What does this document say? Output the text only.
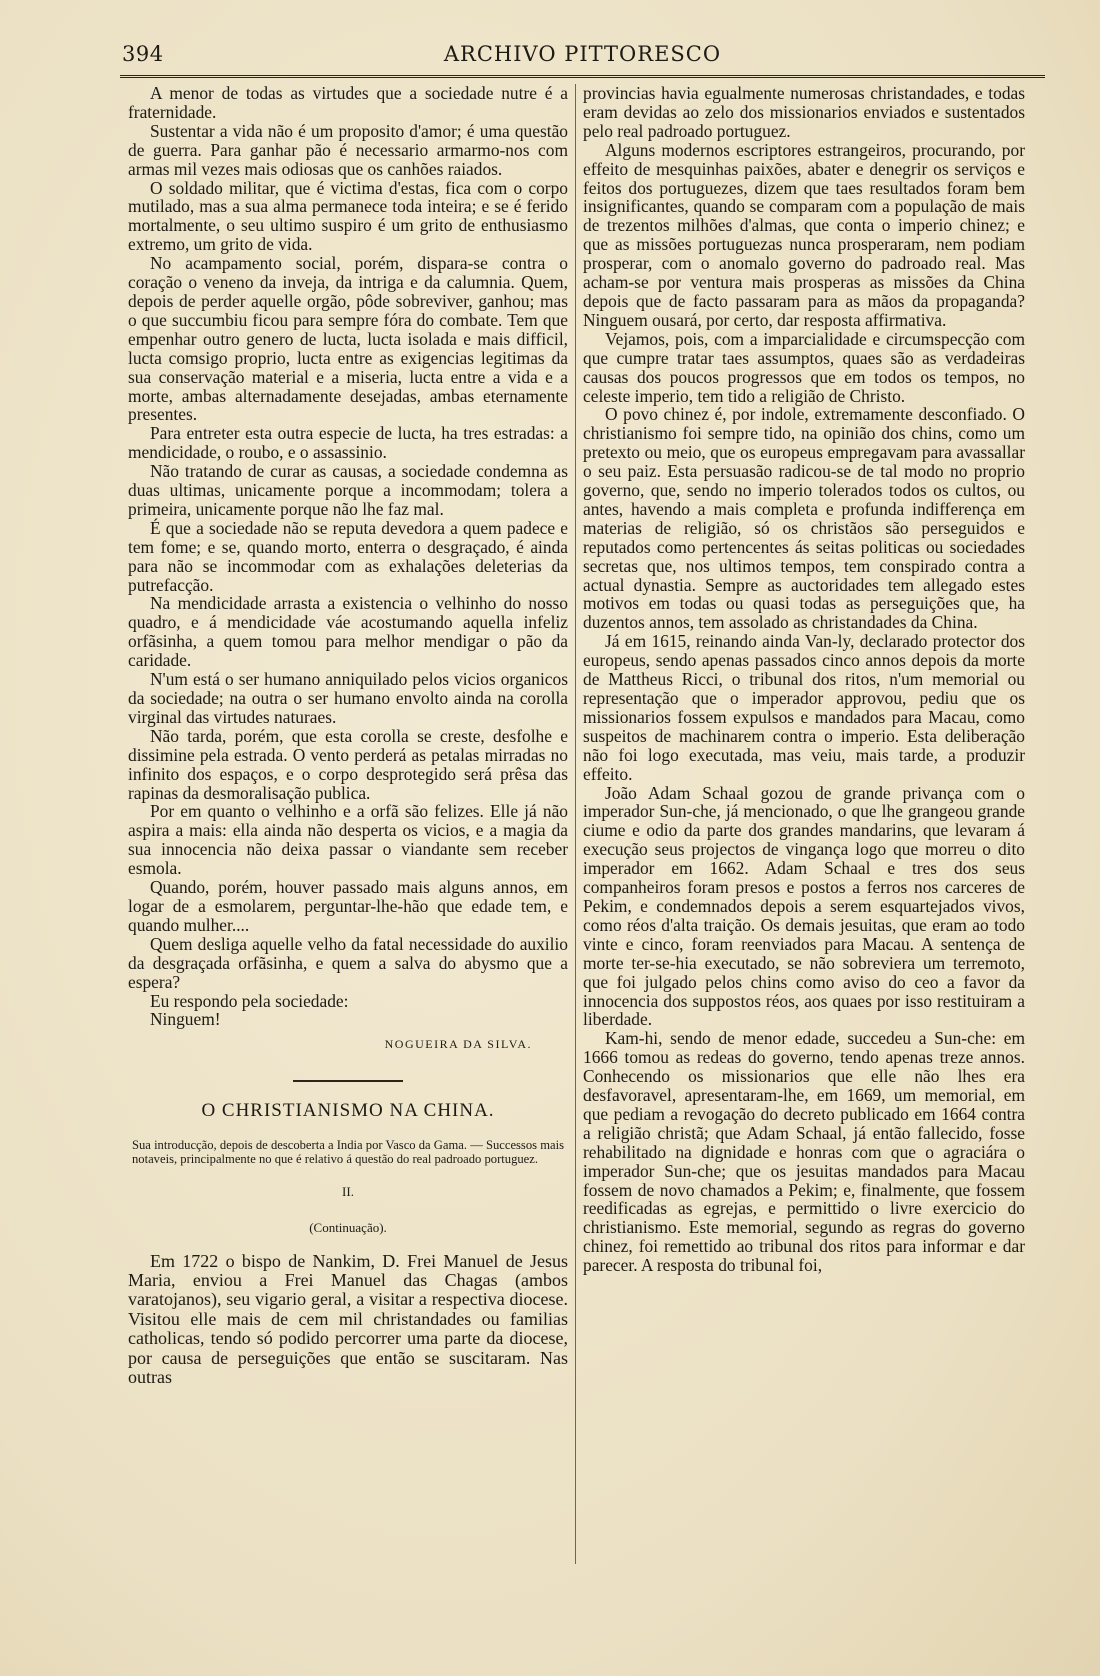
394	ARCHIVO PITTORESCO

A menor de todas as virtudes que a sociedade nutre é a fraternidade.

Sustentar a vida não é um proposito d'amor; é uma questão de guerra. Para ganhar pão é necessario armarmo-nos com armas mil vezes mais odiosas que os canhões raiados.

O soldado militar, que é victima d'estas, fica com o corpo mutilado, mas a sua alma permanece toda inteira; e se é ferido mortalmente, o seu ultimo suspiro é um grito de enthusiasmo extremo, um grito de vida.

No acampamento social, porém, dispara-se contra o coração o veneno da inveja, da intriga e da calumnia. Quem, depois de perder aquelle orgão, pôde sobreviver, ganhou; mas o que succumbiu ficou para sempre fóra do combate. Tem que empenhar outro genero de lucta, lucta isolada e mais difficil, lucta comsigo proprio, lucta entre as exigencias legitimas da sua conservação material e a miseria, lucta entre a vida e a morte, ambas alternadamente desejadas, ambas eternamente presentes.

Para entreter esta outra especie de lucta, ha tres estradas: a mendicidade, o roubo, e o assassinio.

Não tratando de curar as causas, a sociedade condemna as duas ultimas, unicamente porque a incommodam; tolera a primeira, unicamente porque não lhe faz mal.

É que a sociedade não se reputa devedora a quem padece e tem fome; e se, quando morto, enterra o desgraçado, é ainda para não se incommodar com as exhalações deleterias da putrefacção.

Na mendicidade arrasta a existencia o velhinho do nosso quadro, e á mendicidade váe acostumando aquella infeliz orfãsinha, a quem tomou para melhor mendigar o pão da caridade.

N'um está o ser humano anniquilado pelos vicios organicos da sociedade; na outra o ser humano envolto ainda na corolla virginal das virtudes naturaes.

Não tarda, porém, que esta corolla se creste, desfolhe e dissimine pela estrada. O vento perderá as petalas mirradas no infinito dos espaços, e o corpo desprotegido será prêsa das rapinas da desmoralisação publica.

Por em quanto o velhinho e a orfã são felizes. Elle já não aspira a mais: ella ainda não desperta os vicios, e a magia da sua innocencia não deixa passar o viandante sem receber esmola.

Quando, porém, houver passado mais alguns annos, em logar de a esmolarem, perguntar-lhe-hão que edade tem, e quando mulher....

Quem desliga aquelle velho da fatal necessidade do auxilio da desgraçada orfãsinha, e quem a salva do abysmo que a espera?

Eu respondo pela sociedade:

Ninguem!

NOGUEIRA DA SILVA.

O CHRISTIANISMO NA CHINA.

Sua introducção, depois de descoberta a India por Vasco da Gama. — Successos mais notaveis, principalmente no que é relativo á questão do real padroado portuguez.

II.

(Continuação).

Em 1722 o bispo de Nankim, D. Frei Manuel de Jesus Maria, enviou a Frei Manuel das Chagas (ambos varatojanos), seu vigario geral, a visitar a respectiva diocese. Visitou elle mais de cem mil christandades ou familias catholicas, tendo só podido percorrer uma parte da diocese, por causa de perseguições que então se suscitaram. Nas outras

provincias havia egualmente numerosas christandades, e todas eram devidas ao zelo dos missionarios enviados e sustentados pelo real padroado portuguez.

Alguns modernos escriptores estrangeiros, procurando, por effeito de mesquinhas paixões, abater e denegrir os serviços e feitos dos portuguezes, dizem que taes resultados foram bem insignificantes, quando se comparam com a população de mais de trezentos milhões d'almas, que conta o imperio chinez; e que as missões portuguezas nunca prosperaram, nem podiam prosperar, com o anomalo governo do padroado real. Mas acham-se por ventura mais prosperas as missões da China depois que de facto passaram para as mãos da propaganda? Ninguem ousará, por certo, dar resposta affirmativa.

Vejamos, pois, com a imparcialidade e circumspecção com que cumpre tratar taes assumptos, quaes são as verdadeiras causas dos poucos progressos que em todos os tempos, no celeste imperio, tem tido a religião de Christo.

O povo chinez é, por indole, extremamente desconfiado. O christianismo foi sempre tido, na opinião dos chins, como um pretexto ou meio, que os europeus empregavam para avassallar o seu paiz. Esta persuasão radicou-se de tal modo no proprio governo, que, sendo no imperio tolerados todos os cultos, ou antes, havendo a mais completa e profunda indifferença em materias de religião, só os christãos são perseguidos e reputados como pertencentes ás seitas politicas ou sociedades secretas que, nos ultimos tempos, tem conspirado contra a actual dynastia. Sempre as auctoridades tem allegado estes motivos em todas ou quasi todas as perseguições que, ha duzentos annos, tem assolado as christandades da China.

Já em 1615, reinando ainda Van-ly, declarado protector dos europeus, sendo apenas passados cinco annos depois da morte de Mattheus Ricci, o tribunal dos ritos, n'um memorial ou representação que o imperador approvou, pediu que os missionarios fossem expulsos e mandados para Macau, como suspeitos de machinarem contra o imperio. Esta deliberação não foi logo executada, mas veiu, mais tarde, a produzir effeito.

João Adam Schaal gozou de grande privança com o imperador Sun-che, já mencionado, o que lhe grangeou grande ciume e odio da parte dos grandes mandarins, que levaram á execução seus projectos de vingança logo que morreu o dito imperador em 1662. Adam Schaal e tres dos seus companheiros foram presos e postos a ferros nos carceres de Pekim, e condemnados depois a serem esquartejados vivos, como réos d'alta traição. Os demais jesuitas, que eram ao todo vinte e cinco, foram reenviados para Macau. A sentença de morte ter-se-hia executado, se não sobreviera um terremoto, que foi julgado pelos chins como aviso do ceo a favor da innocencia dos suppostos réos, aos quaes por isso restituiram a liberdade.

Kam-hi, sendo de menor edade, succedeu a Sun-che: em 1666 tomou as redeas do governo, tendo apenas treze annos. Conhecendo os missionarios que elle não lhes era desfavoravel, apresentaram-lhe, em 1669, um memorial, em que pediam a revogação do decreto publicado em 1664 contra a religião christã; que Adam Schaal, já então fallecido, fosse rehabilitado na dignidade e honras com que o agraciára o imperador Sun-che; que os jesuitas mandados para Macau fossem de novo chamados a Pekim; e, finalmente, que fossem reedificadas as egrejas, e permittido o livre exercicio do christianismo. Este memorial, segundo as regras do governo chinez, foi remettido ao tribunal dos ritos para informar e dar parecer. A resposta do tribunal foi,
